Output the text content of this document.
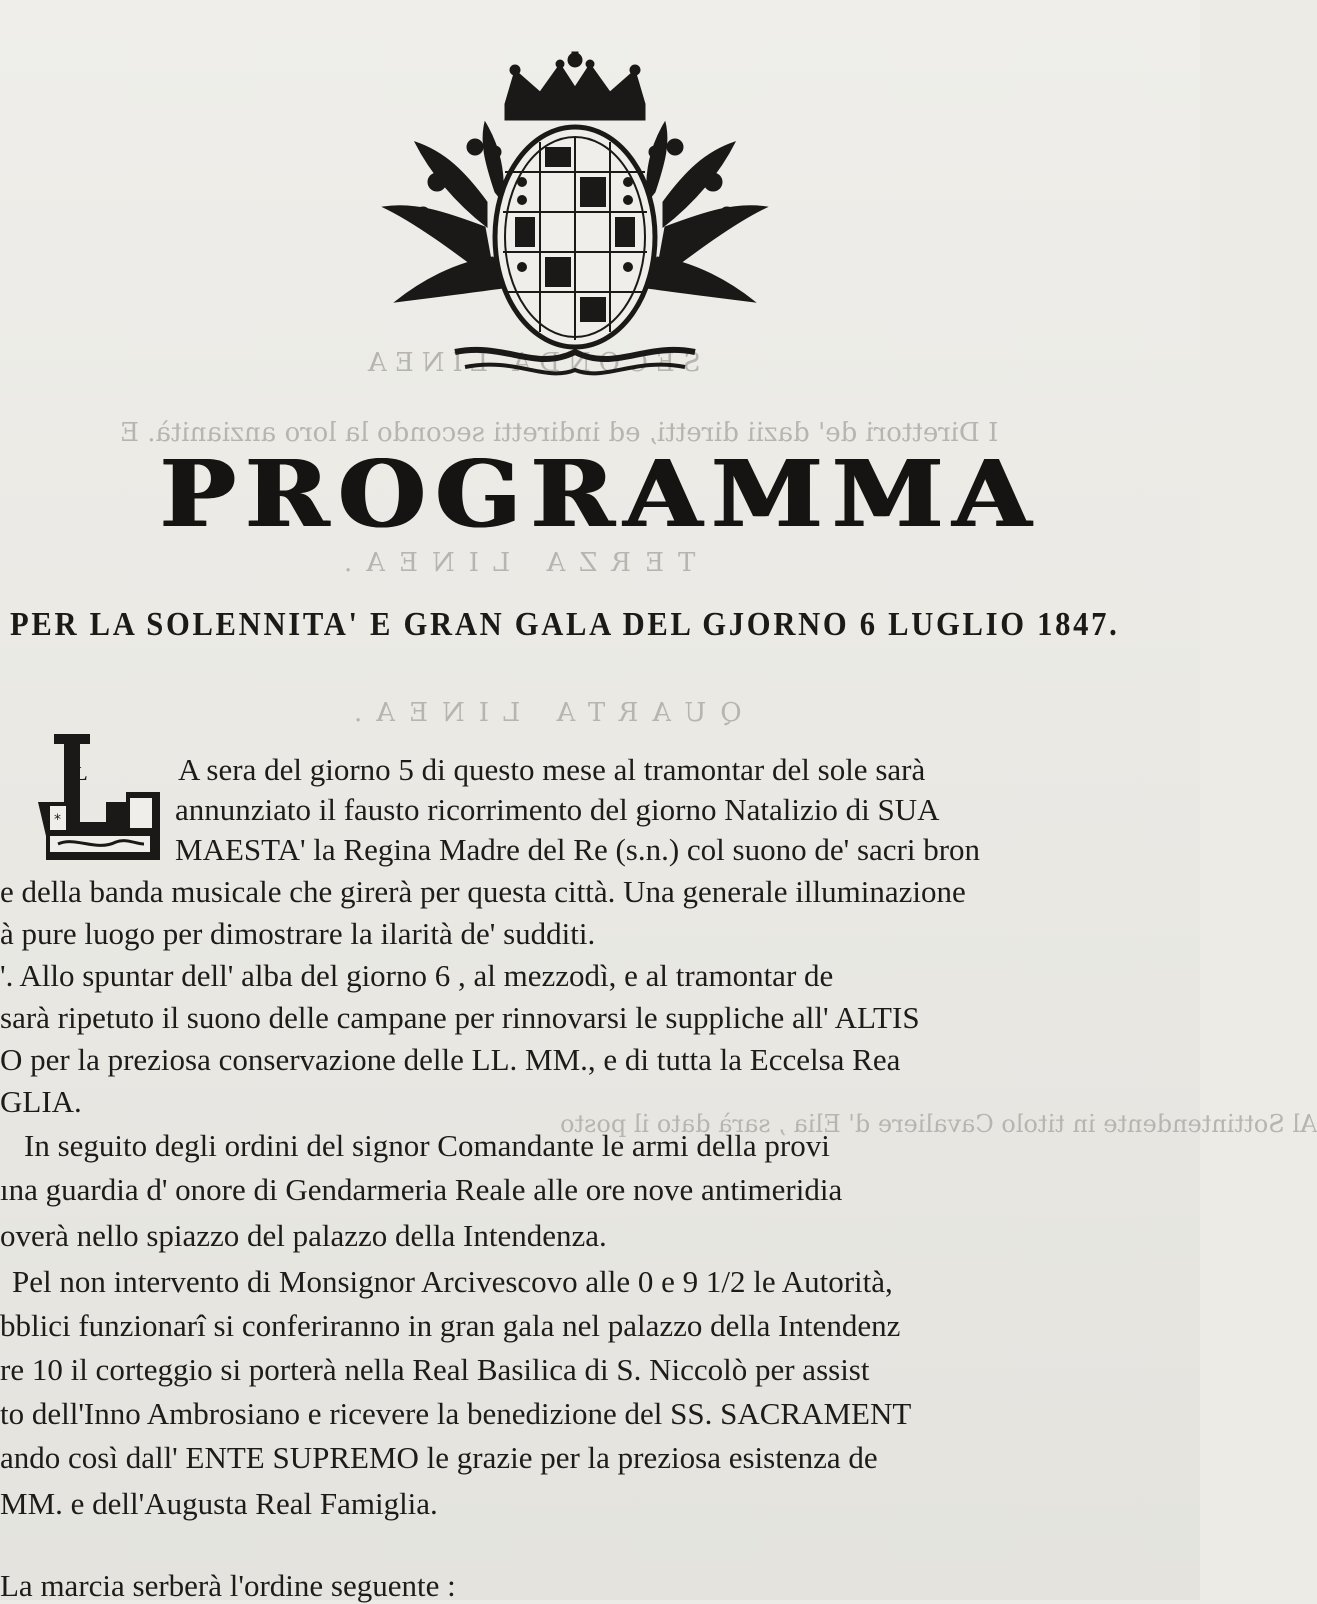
SECONDA LINEA
I Direttori de' dazii diretti, ed indiretti secondo la loro anzianità. E
TERZA LINEA.
QUARTA LINEA.
Al Sottintendente in titolo Cavaliere d' Elia , sarà dato il posto
PROGRAMMA
PER LA SOLENNITA' E GRAN GALA DEL GJORNO 6 LUGLIO 1847.
*
L	A sera del giorno 5 di questo mese al tramontar del sole sarà

annunziato il fausto ricorrimento del giorno Natalizio di SUA

MAESTA' la Regina Madre del Re (s.n.) col suono de' sacri bron

e della banda musicale che girerà per questa città. Una generale illuminazione

à pure luogo per dimostrare la ilarità de' sudditi.

'. Allo spuntar dell' alba del giorno 6 , al mezzodì, e al tramontar de

sarà ripetuto il suono delle campane per rinnovarsi le suppliche all' ALTIS

O per la preziosa conservazione delle LL. MM., e di tutta la Eccelsa Rea

GLIA.

In seguito degli ordini del signor Comandante le armi della provi

ına guardia d' onore di Gendarmeria Reale alle ore nove antimeridia

overà nello spiazzo del palazzo della Intendenza.

Pel non intervento di Monsignor Arcivescovo alle 0 e 9 1/2 le Autorità,

bblici funzionarî si conferiranno in gran gala nel palazzo della Intendenz

re 10 il corteggio si porterà nella Real Basilica di S. Niccolò per assist

to dell'Inno Ambrosiano e ricevere la benedizione del SS. SACRAMENT

ando così dall' ENTE SUPREMO le grazie per la preziosa esistenza de

MM. e dell'Augusta Real Famiglia.

La marcia serberà l'ordine seguente :
